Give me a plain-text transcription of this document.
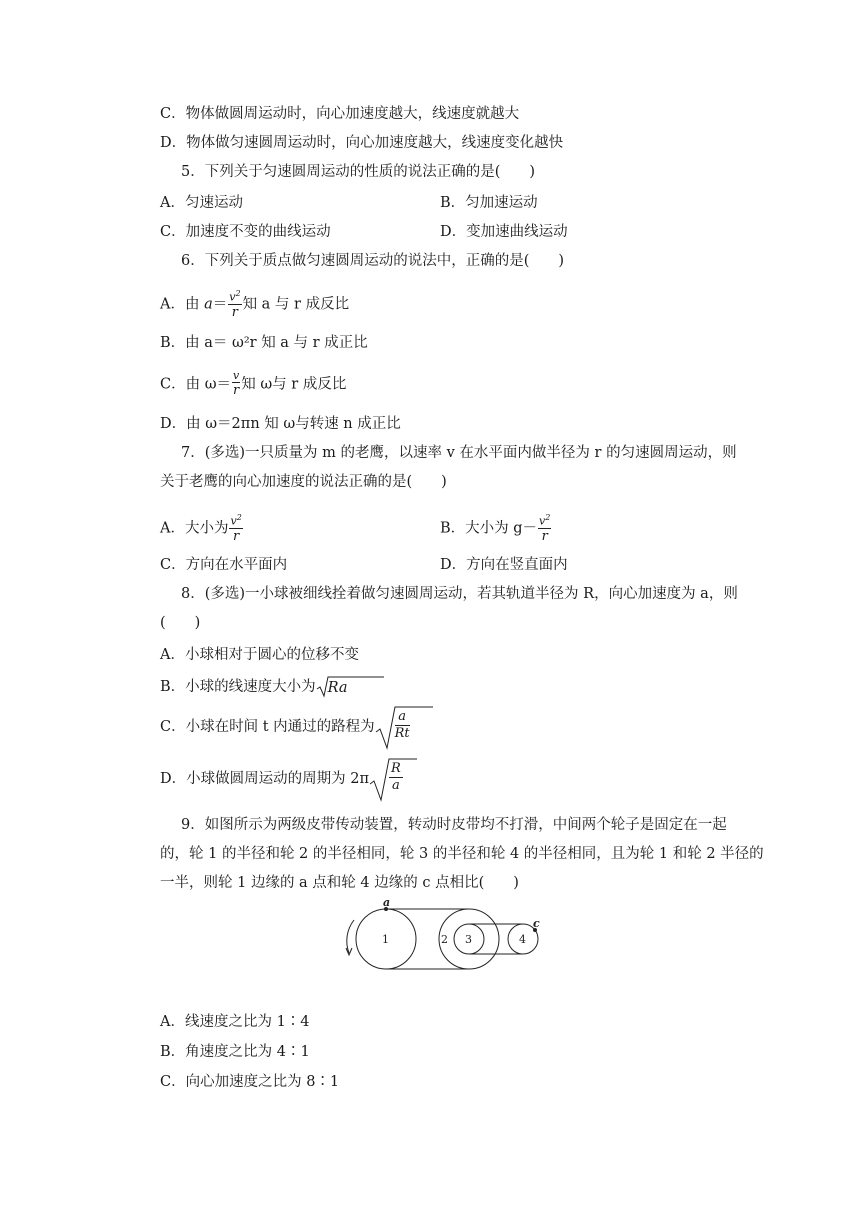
C．物体做圆周运动时，向心加速度越大，线速度就越大
D．物体做匀速圆周运动时，向心加速度越大，线速度变化越快
5．下列关于匀速圆周运动的性质的说法正确的是(　　)
A．匀速运动	B．匀加速运动
C．加速度不变的曲线运动	D．变加速曲线运动
6．下列关于质点做匀速圆周运动的说法中，正确的是(　　)
A．由 $a= \frac{v^2}{r}$ 知 a 与 r 成反比
B．由 a＝ ω²r 知 a 与 r 成正比
C．由 $\omega= \frac{v}{r}$ 知 ω与 r 成反比
D．由 ω＝2πn 知 ω与转速 n 成正比
7．(多选)一只质量为 m 的老鹰，以速率 v 在水平面内做半径为 r 的匀速圆周运动，则
关于老鹰的向心加速度的说法正确的是(　　)
A．大小为 $\frac{v^2}{r}$	B．大小为 $g- \frac{v^2}{r}$
C．方向在水平面内	D．方向在竖直面内
8．(多选)一小球被细线拴着做匀速圆周运动，若其轨道半径为 R，向心加速度为 a，则
(　　)
A．小球相对于圆心的位移不变
B．小球的线速度大小为 Ra
C．小球在时间 t 内通过的路程为 $\frac{a}{Rt}$
D．小球做圆周运动的周期为 $2\pi \frac{R}{a}$
9．如图所示为两级皮带传动装置，转动时皮带均不打滑，中间两个轮子是固定在一起
的，轮 1 的半径和轮 2 的半径相同，轮 3 的半径和轮 4 的半径相同，且为轮 1 和轮 2 半径的
一半，则轮 1 边缘的 a 点和轮 4 边缘的 c 点相比(　　)
1	2 3	4
a
c
A．线速度之比为 1∶4
B．角速度之比为 4∶1
C．向心加速度之比为 8∶1
